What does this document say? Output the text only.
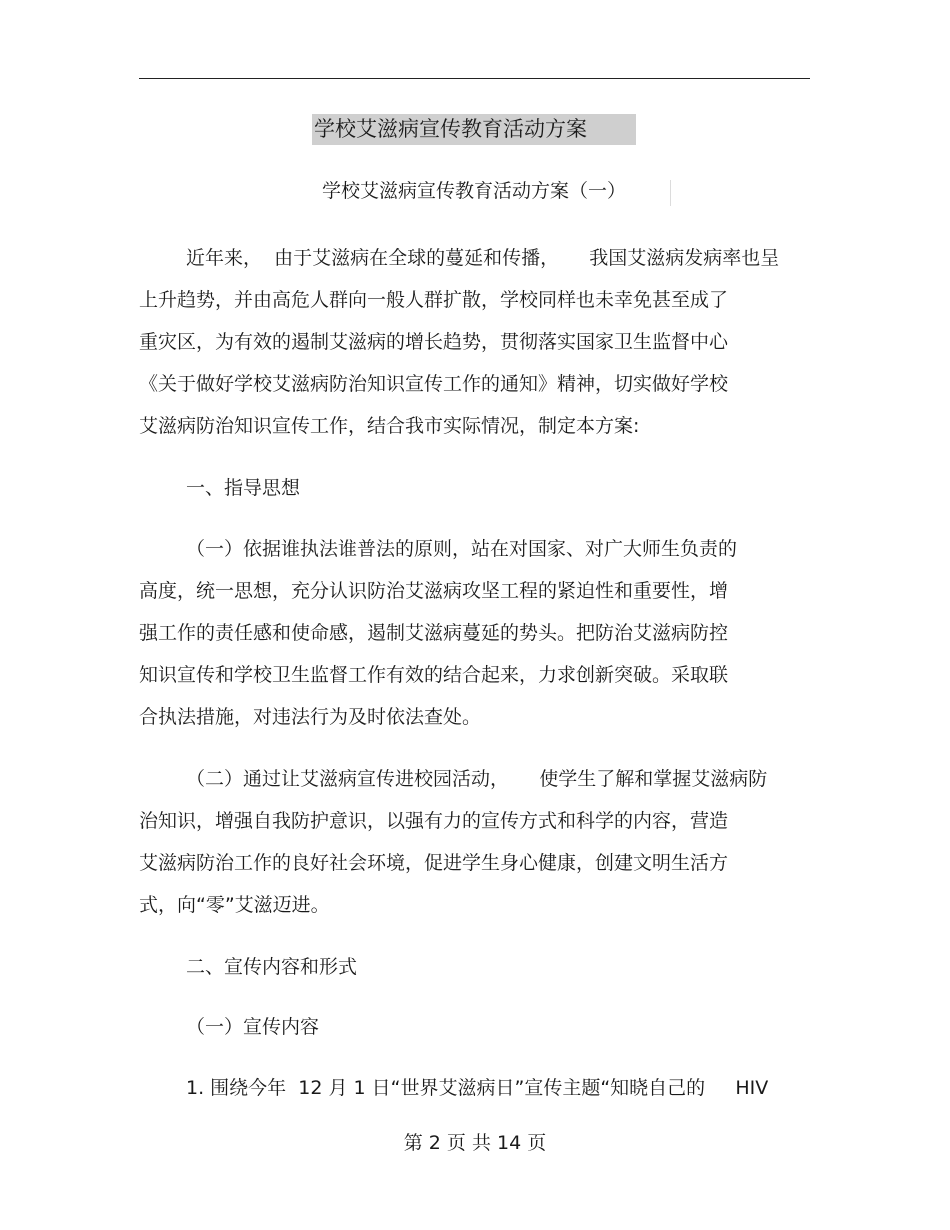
学校艾滋病宣传教育活动方案
学校艾滋病宣传教育活动方案（一）
近年来，  由于艾滋病在全球的蔓延和传播，     我国艾滋病发病率也呈
上升趋势，并由高危人群向一般人群扩散，学校同样也未幸免甚至成了
重灾区，为有效的遏制艾滋病的增长趋势，贯彻落实国家卫生监督中心
《关于做好学校艾滋病防治知识宣传工作的通知》精神，切实做好学校
艾滋病防治知识宣传工作，结合我市实际情况，制定本方案:
一、指导思想
（一）依据谁执法谁普法的原则，站在对国家、对广大师生负责的
高度，统一思想，充分认识防治艾滋病攻坚工程的紧迫性和重要性，增
强工作的责任感和使命感，遏制艾滋病蔓延的势头。把防治艾滋病防控
知识宣传和学校卫生监督工作有效的结合起来，力求创新突破。采取联
合执法措施，对违法行为及时依法查处。
（二）通过让艾滋病宣传进校园活动，     使学生了解和掌握艾滋病防
治知识，增强自我防护意识，以强有力的宣传方式和科学的内容，营造
艾滋病防治工作的良好社会环境，促进学生身心健康，创建文明生活方
式，向“零”艾滋迈进。
二、宣传内容和形式
（一）宣传内容
1. 围绕今年  12 月 1 日“世界艾滋病日”宣传主题“知晓自己的     HIV
第 2 页 共 14 页
